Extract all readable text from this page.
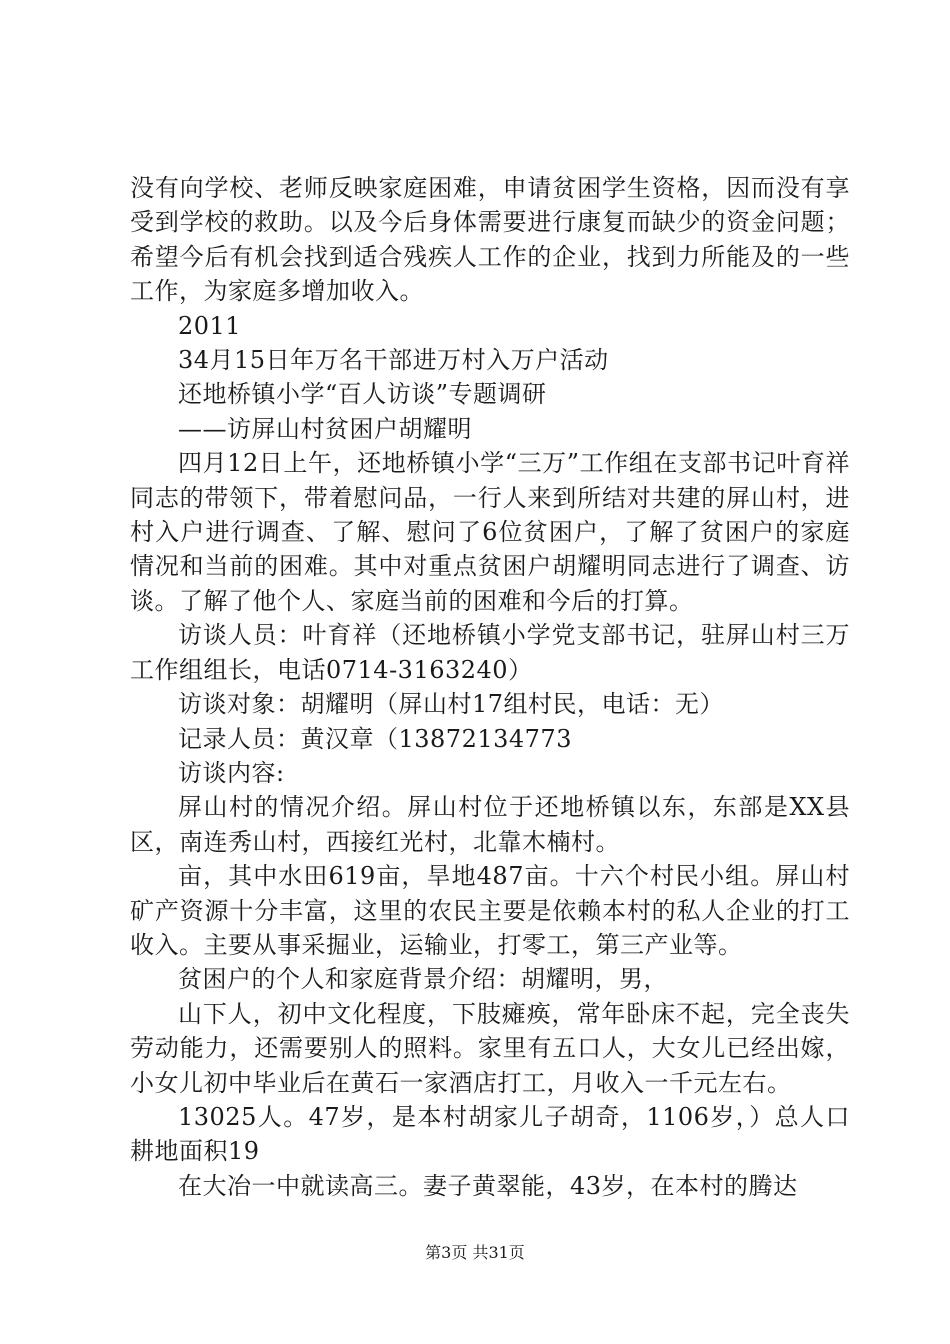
没有向学校、老师反映家庭困难，申请贫困学生资格，因而没有享受到学校的救助。以及今后身体需要进行康复而缺少的资金问题；希望今后有机会找到适合残疾人工作的企业，找到力所能及的一些工作，为家庭多增加收入。

2011

34月15日年万名干部进万村入万户活动

还地桥镇小学“百人访谈”专题调研

——访屏山村贫困户胡耀明

四月12日上午，还地桥镇小学“三万”工作组在支部书记叶育祥同志的带领下，带着慰问品，一行人来到所结对共建的屏山村，进村入户进行调查、了解、慰问了6位贫困户，了解了贫困户的家庭情况和当前的困难。其中对重点贫困户胡耀明同志进行了调查、访谈。了解了他个人、家庭当前的困难和今后的打算。

访谈人员：叶育祥（还地桥镇小学党支部书记，驻屏山村三万工作组组长，电话0714-3163240）

访谈对象：胡耀明（屏山村17组村民，电话：无）

记录人员：黄汉章（13872134773

访谈内容:

屏山村的情况介绍。屏山村位于还地桥镇以东，东部是XX县区，南连秀山村，西接红光村，北靠木楠村。

亩，其中水田619亩，旱地487亩。十六个村民小组。屏山村矿产资源十分丰富，这里的农民主要是依赖本村的私人企业的打工收入。主要从事采掘业，运输业，打零工，第三产业等。

贫困户的个人和家庭背景介绍：胡耀明，男，

山下人，初中文化程度，下肢瘫痪，常年卧床不起，完全丧失劳动能力，还需要别人的照料。家里有五口人，大女儿已经出嫁，小女儿初中毕业后在黄石一家酒店打工，月收入一千元左右。

13025人。47岁，是本村胡家儿子胡奇，1106岁，）总人口耕地面积19

在大冶一中就读高三。妻子黄翠能，43岁，在本村的腾达

第3页 共31页
